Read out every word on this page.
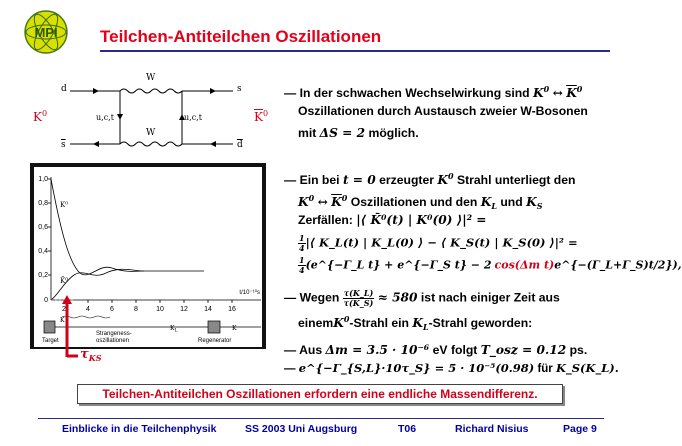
MPI Teilchen-Antiteilchen Oszillationen
d	s
$\overline{s}$	$\overline{d}$
W
W
u,c,t	u,c,t
$K^0$	$\overline{K}^0$
K⁰
K̄⁰
1,0
0,8
0,6
0,4
0,2
0
2	4	6	8	10 12 14 16
t/10⁻¹⁰s
K
Strangeness-
oszillationen
$K_L$	K
Target	Regenerator
$\tau_{KS}$
— In der schwachen Wechselwirkung sind $K^0$ ↔ $\overline{K}^0$
Oszillationen durch Austausch zweier W-Bosonen
mit ΔS = 2 möglich.
— Ein bei t = 0 erzeugter $K^0$ Strahl unterliegt den
$K^0$ ↔ $\overline{K}^0$ Oszillationen und den $K_L$ und $K_S$
Zerfällen: |⟨ K̄⁰(t) | K⁰(0) ⟩|² =
$\frac{1}{4}$ |⟨ K_L(t) | K_L(0) ⟩ − ⟨ K_S(t) | K_S(0) ⟩|² =
$\frac{1}{4}$ (e^{−Γ_L t} + e^{−Γ_S t} − 2 cos(Δm t)e^{−(Γ_L+Γ_S)t/2}),
— Wegen $\frac{\tau(K\_L)}{\tau(K\_S)} \approx 580$ ist nach einiger Zeit aus
einemK$^0$-Strahl ein $K_L$-Strahl geworden:
— Aus Δm = 3.5 · 10⁻⁶ eV folgt T_osz = 0.12 ps.
— e^{−Γ_{S,L}·10τ_S} = 5 · 10⁻⁵(0.98) für K_S(K_L).
Teilchen-Antiteilchen Oszillationen erfordern eine endliche Massendifferenz.
Einblicke in die Teilchenphysik	SS 2003 Uni Augsburg	T06	Richard Nisius	Page 9
